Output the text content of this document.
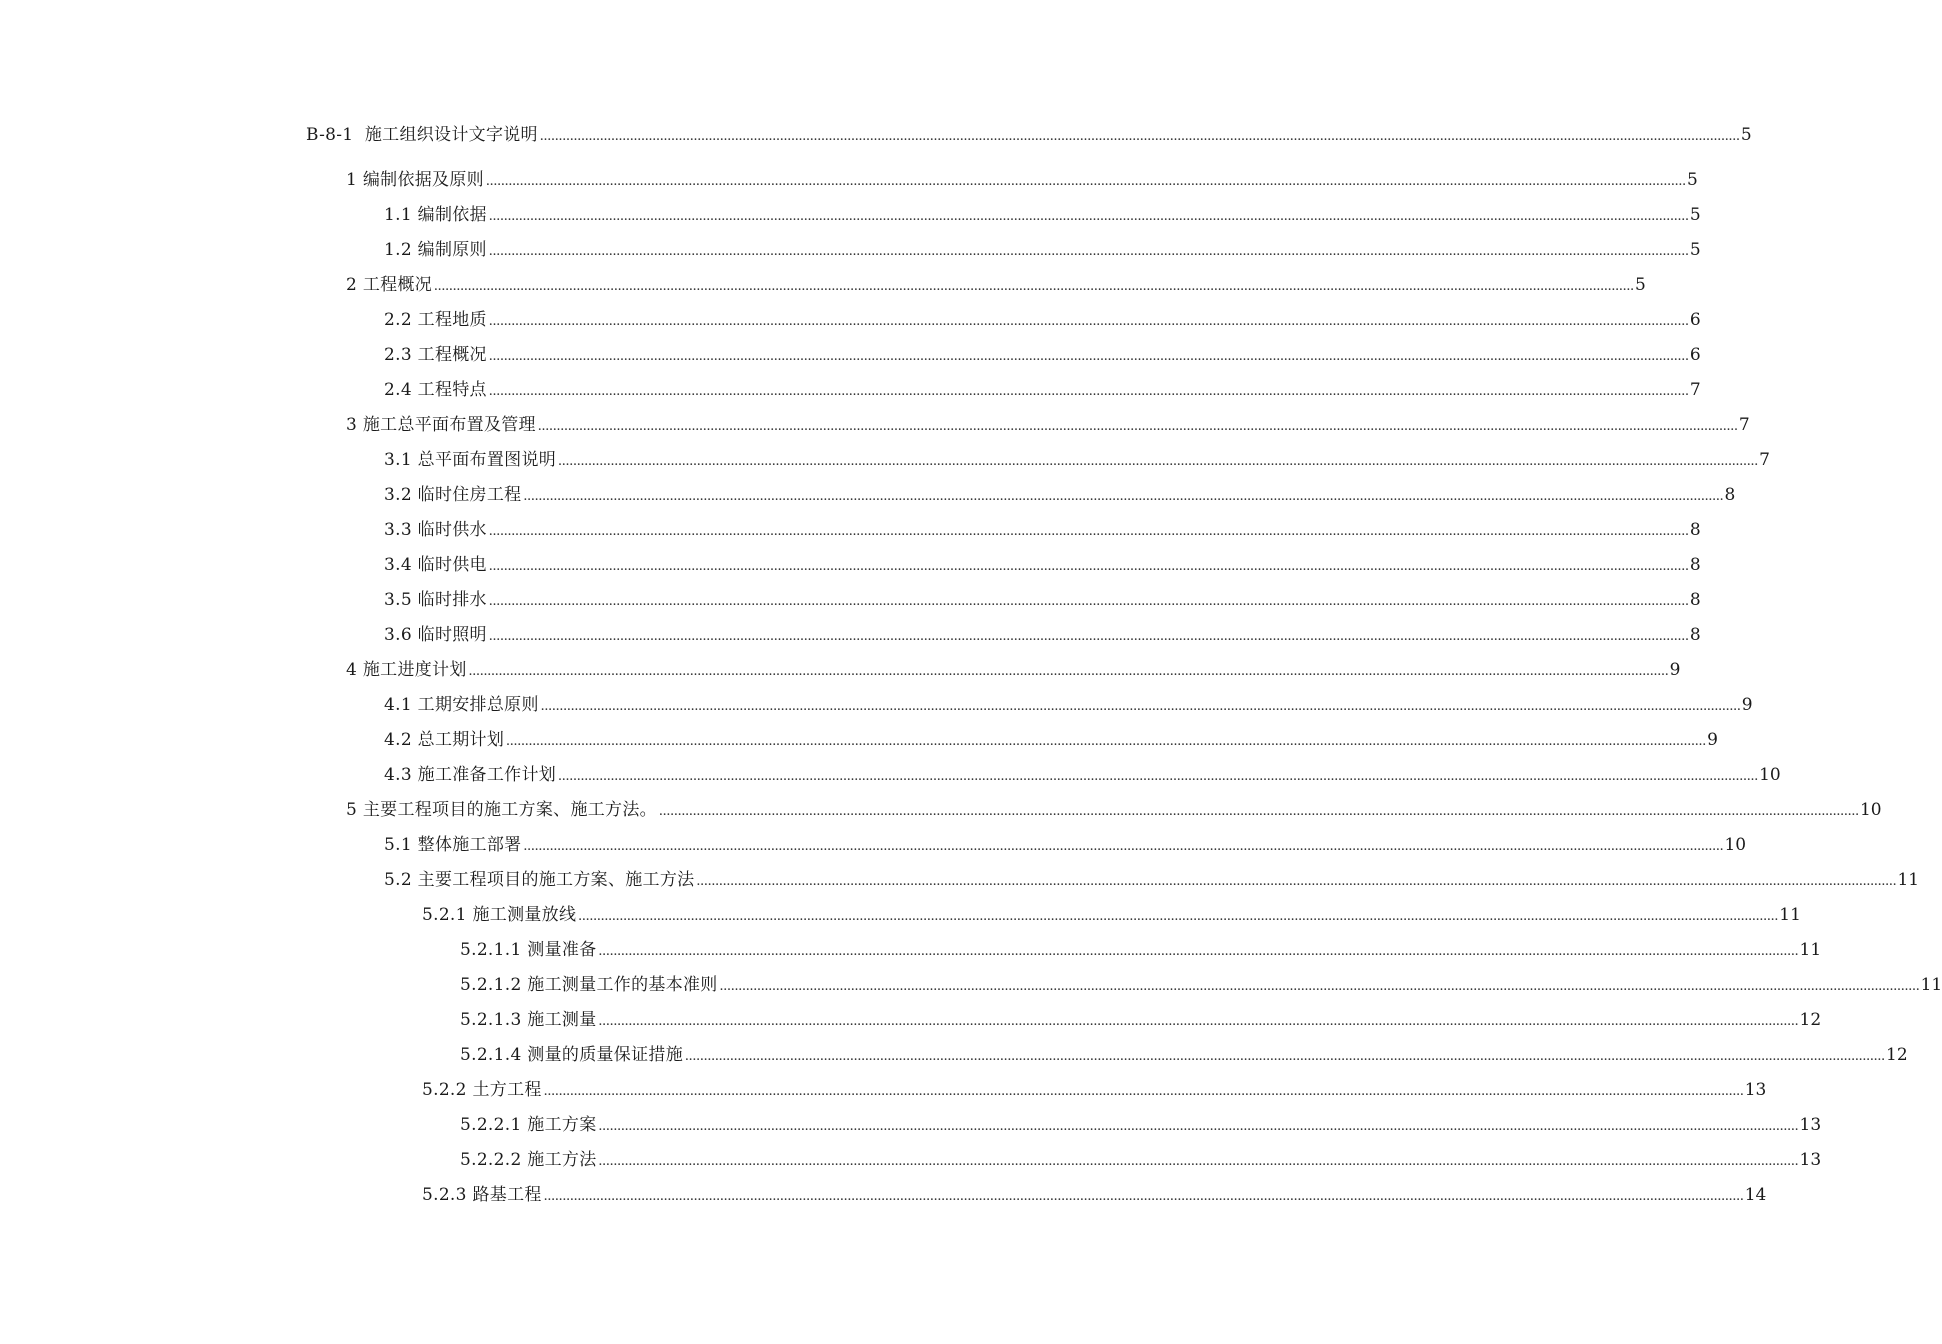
B-8-1 施工组织设计文字说明 .....	5
1 编制依据及原则 .....	5
1.1 编制依据 .....	5
1.2 编制原则 .....	5
2 工程概况 .....	5
2.2 工程地质 .....	6
2.3 工程概况 .....	6
2.4 工程特点 .....	7
3 施工总平面布置及管理 .....	7
3.1 总平面布置图说明 .....	7
3.2 临时住房工程 .....	8
3.3 临时供水 .....	8
3.4 临时供电 .....	8
3.5 临时排水 .....	8
3.6 临时照明 .....	8
4 施工进度计划 .....	9
4.1 工期安排总原则 .....	9
4.2 总工期计划 .....	9
4.3 施工准备工作计划 .....	10
5 主要工程项目的施工方案、施工方法。 .....	10
5.1 整体施工部署 .....	10
5.2 主要工程项目的施工方案、施工方法 .....	11
5.2.1 施工测量放线 .....	11
5.2.1.1 测量准备 .....	11
5.2.1.2 施工测量工作的基本准则 .....	11
5.2.1.3 施工测量 .....	12
5.2.1.4 测量的质量保证措施 .....	12
5.2.2 土方工程 .....	13
5.2.2.1 施工方案 .....	13
5.2.2.2 施工方法 .....	13
5.2.3 路基工程 .....	14
